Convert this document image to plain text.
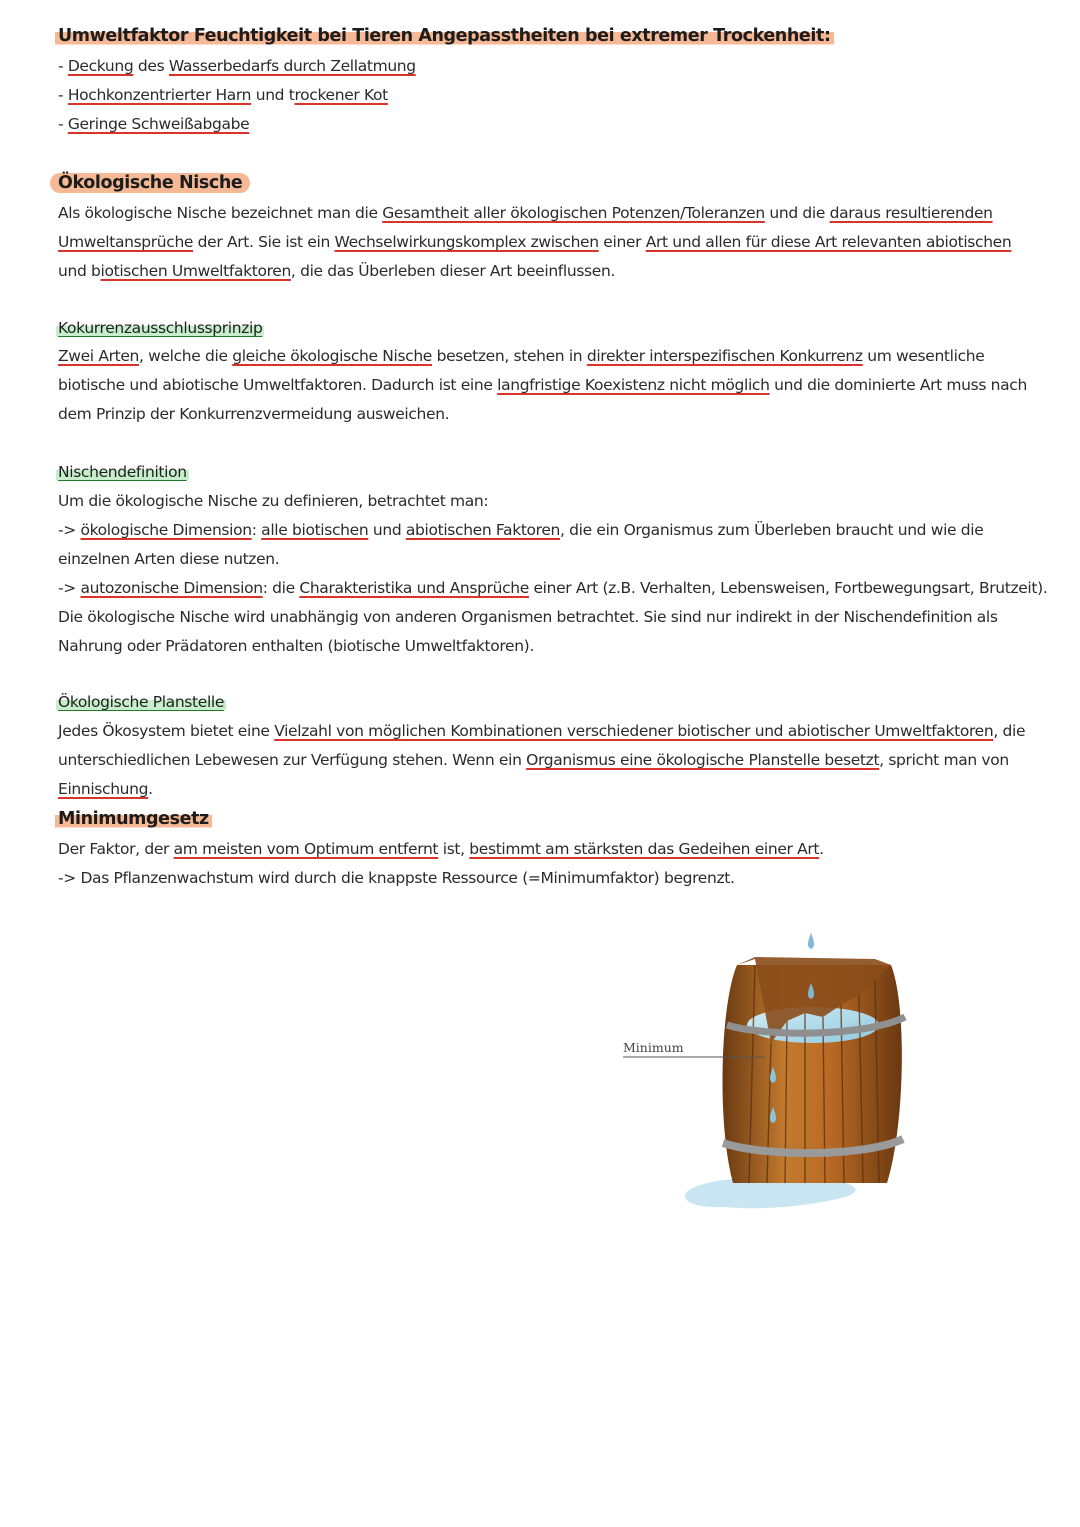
Umweltfaktor Feuchtigkeit bei Tieren Angepasstheiten bei extremer Trockenheit:
- Deckung des Wasserbedarfs durch Zellatmung
- Hochkonzentrierter Harn und trockener Kot
- Geringe Schweißabgabe
Ökologische Nische
Als ökologische Nische bezeichnet man die Gesamtheit aller ökologischen Potenzen/Toleranzen und die daraus resultierenden Umweltansprüche der Art. Sie ist ein Wechselwirkungskomplex zwischen einer Art und allen für diese Art relevanten abiotischen und biotischen Umweltfaktoren, die das Überleben dieser Art beeinflussen.
Kokurrenzausschlussprinzip
Zwei Arten, welche die gleiche ökologische Nische besetzen, stehen in direkter interspezifischen Konkurrenz um wesentliche biotische und abiotische Umweltfaktoren. Dadurch ist eine langfristige Koexistenz nicht möglich und die dominierte Art muss nach dem Prinzip der Konkurrenzvermeidung ausweichen.
Nischendefinition
Um die ökologische Nische zu definieren, betrachtet man:
-> ökologische Dimension: alle biotischen und abiotischen Faktoren, die ein Organismus zum Überleben braucht und wie die einzelnen Arten diese nutzen.
-> autozonische Dimension: die Charakteristika und Ansprüche einer Art (z.B. Verhalten, Lebensweisen, Fortbewegungsart, Brutzeit).
Die ökologische Nische wird unabhängig von anderen Organismen betrachtet. Sie sind nur indirekt in der Nischendefinition als Nahrung oder Prädatoren enthalten (biotische Umweltfaktoren).
Ökologische Planstelle
Jedes Ökosystem bietet eine Vielzahl von möglichen Kombinationen verschiedener biotischer und abiotischer Umweltfaktoren, die unterschiedlichen Lebewesen zur Verfügung stehen. Wenn ein Organismus eine ökologische Planstelle besetzt, spricht man von Einnischung.
Minimumgesetz
Der Faktor, der am meisten vom Optimum entfernt ist, bestimmt am stärksten das Gedeihen einer Art.
-> Das Pflanzenwachstum wird durch die knappste Ressource (=Minimumfaktor) begrenzt.
Minimum
